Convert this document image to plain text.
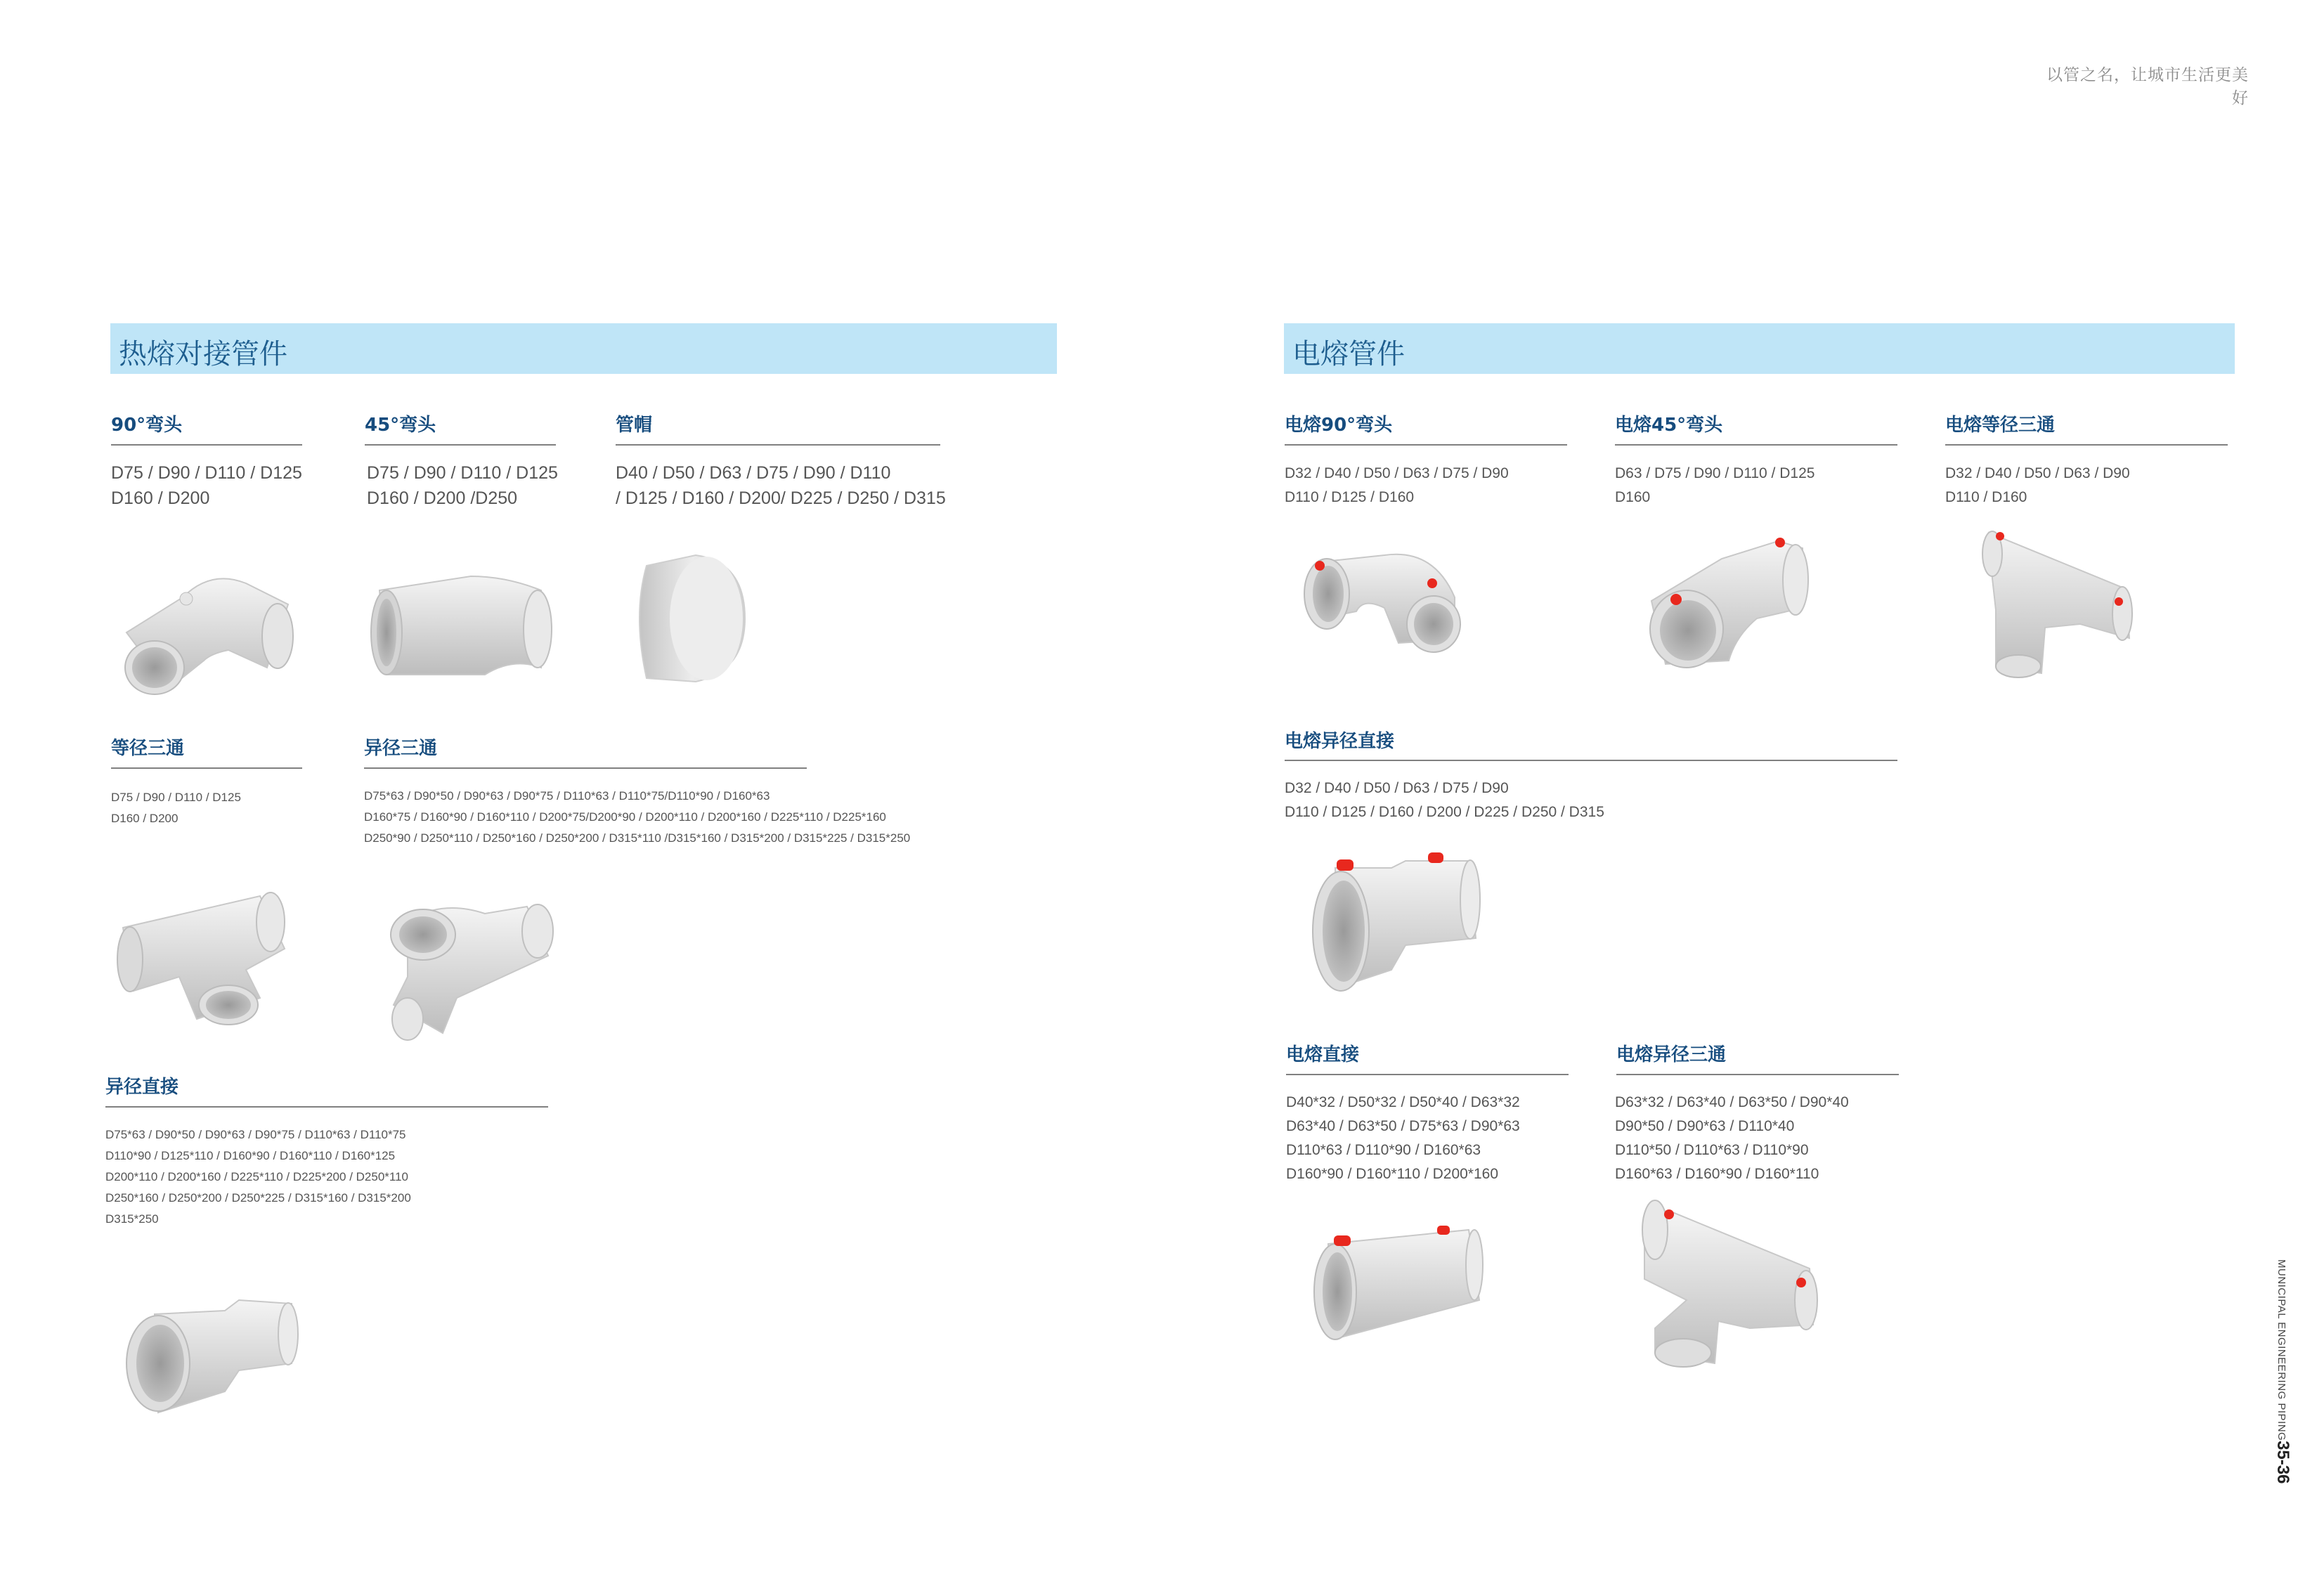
以管之名，让城市生活更美好
热熔对接管件	电熔管件
90°弯头
D75 / D90 / D110 / D125
D160 / D200
45°弯头
D75 / D90 / D110 / D125
D160 / D200 /D250
管帽
D40 / D50 / D63 / D75 / D90 / D110
/ D125 / D160 / D200/ D225 / D250 / D315
等径三通
D75 / D90 / D110 / D125
D160 / D200
异径三通
D75*63 / D90*50 / D90*63 / D90*75 / D110*63 / D110*75/D110*90 / D160*63
D160*75 / D160*90 / D160*110 / D200*75/D200*90 / D200*110 / D200*160 / D225*110 / D225*160
D250*90 / D250*110 / D250*160 / D250*200 / D315*110 /D315*160 / D315*200 / D315*225 / D315*250
异径直接
D75*63 / D90*50 / D90*63 / D90*75 / D110*63 / D110*75
D110*90 / D125*110 / D160*90 / D160*110 / D160*125
D200*110 / D200*160 / D225*110 / D225*200 / D250*110
D250*160 / D250*200 / D250*225 / D315*160 / D315*200
D315*250
电熔90°弯头
D32 / D40 / D50 / D63 / D75 / D90
D110 / D125 / D160
电熔45°弯头
D63 / D75 / D90 / D110 / D125
D160
电熔等径三通
D32 / D40 / D50 / D63 / D90
D110 / D160
电熔异径直接
D32 / D40 / D50 / D63 / D75 / D90
D110 / D125 / D160 / D200 / D225 / D250 / D315
电熔直接
D40*32 / D50*32 / D50*40 / D63*32
D63*40 / D63*50 / D75*63 / D90*63
D110*63 / D110*90 / D160*63
D160*90 / D160*110 / D200*160
电熔异径三通
D63*32 / D63*40 / D63*50 / D90*40
D90*50 / D90*63 / D110*40
D110*50 / D110*63 / D110*90
D160*63 / D160*90 / D160*110
MUNICIPAL ENGINEERING PIPING
35-36
